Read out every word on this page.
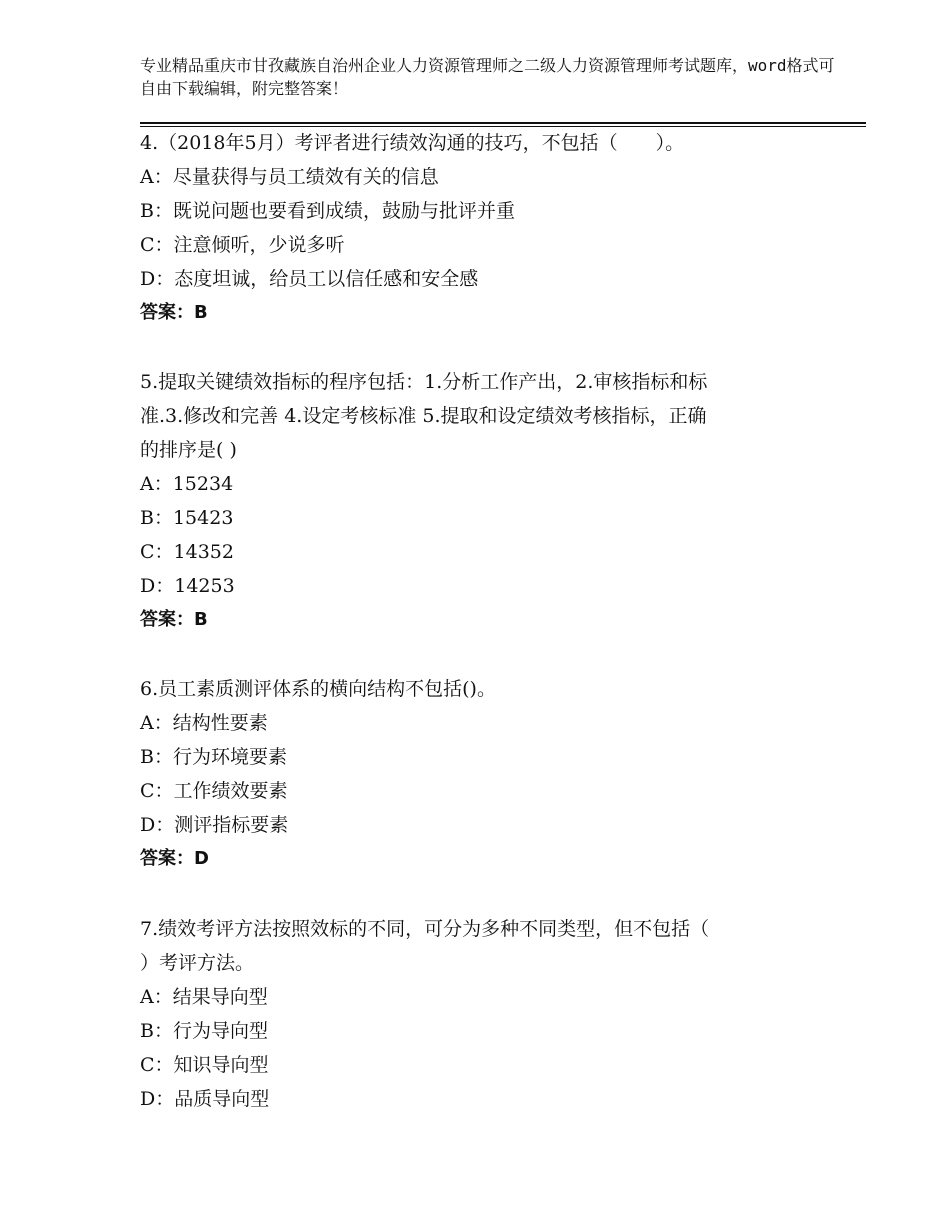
专业精品重庆市甘孜藏族自治州企业人力资源管理师之二级人力资源管理师考试题库，word格式可自由下载编辑，附完整答案！
4.（2018年5月）考评者进行绩效沟通的技巧，不包括（　　）。
A：尽量获得与员工绩效有关的信息
B：既说问题也要看到成绩，鼓励与批评并重
C：注意倾听，少说多听
D：态度坦诚，给员工以信任感和安全感
答案：B
5.提取关键绩效指标的程序包括：1.分析工作产出，2.审核指标和标
准.3.修改和完善 4.设定考核标准 5.提取和设定绩效考核指标，正确
的排序是( )
A：15234
B：15423
C：14352
D：14253
答案：B
6.员工素质测评体系的横向结构不包括()。
A：结构性要素
B：行为环境要素
C：工作绩效要素
D：测评指标要素
答案：D
7.绩效考评方法按照效标的不同，可分为多种不同类型，但不包括（
）考评方法。
A：结果导向型
B：行为导向型
C：知识导向型
D：品质导向型
